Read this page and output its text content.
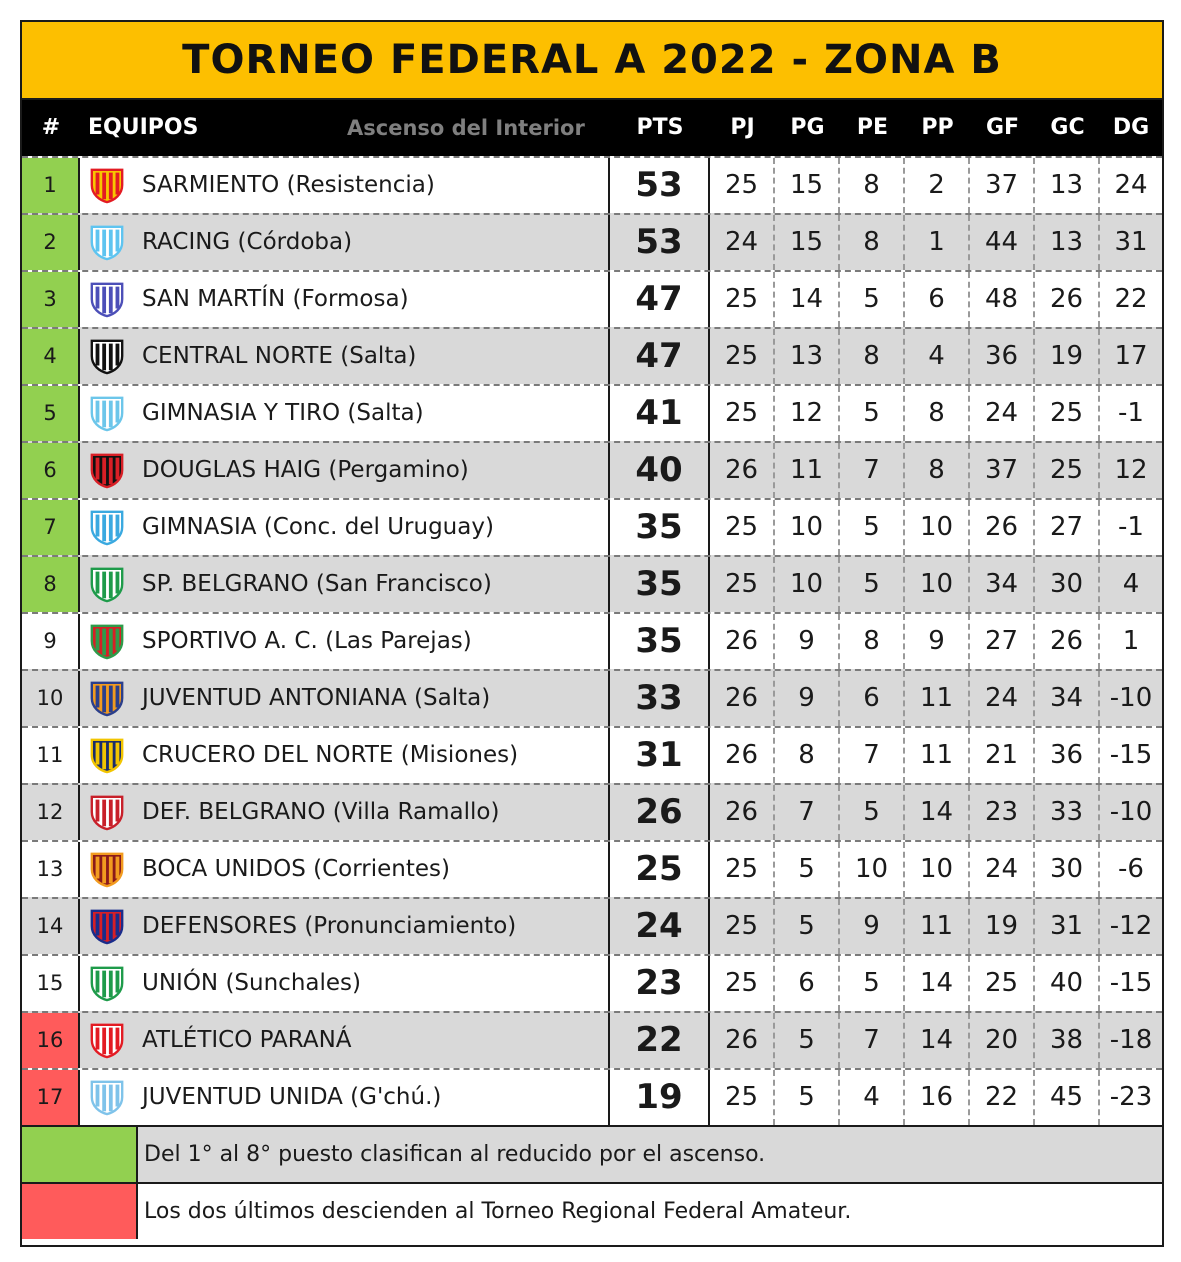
TORNEO FEDERAL A 2022 - ZONA B
#	EQUIPOS	Ascenso del Interior	PTS	PJ	PG	PE	PP	GF	GC	DG
1	SARMIENTO (Resistencia)	53	25	15	8	2	37	13	24
2	RACING (Córdoba)	53	24	15	8	1	44	13	31
3	SAN MARTÍN (Formosa)	47	25	14	5	6	48	26	22
4	CENTRAL NORTE (Salta)	47	25	13	8	4	36	19	17
5	GIMNASIA Y TIRO (Salta)	41	25	12	5	8	24	25	-1
6	DOUGLAS HAIG (Pergamino)	40	26	11	7	8	37	25	12
7	GIMNASIA (Conc. del Uruguay)	35	25	10	5	10	26	27	-1
8	SP. BELGRANO (San Francisco)	35	25	10	5	10	34	30	4
9	SPORTIVO A. C. (Las Parejas)	35	26	9	8	9	27	26	1
10	JUVENTUD ANTONIANA (Salta)	33	26	9	6	11	24	34	-10
11	CRUCERO DEL NORTE (Misiones)	31	26	8	7	11	21	36	-15
12	DEF. BELGRANO (Villa Ramallo)	26	26	7	5	14	23	33	-10
13	BOCA UNIDOS (Corrientes)	25	25	5	10	10	24	30	-6
14	DEFENSORES (Pronunciamiento)	24	25	5	9	11	19	31	-12
15	UNIÓN (Sunchales)	23	25	6	5	14	25	40	-15
16	ATLÉTICO PARANÁ	22	26	5	7	14	20	38	-18
17	JUVENTUD UNIDA (G'chú.)	19	25	5	4	16	22	45	-23
Del 1° al 8° puesto clasifican al reducido por el ascenso.
Los dos últimos descienden al Torneo Regional Federal Amateur.
